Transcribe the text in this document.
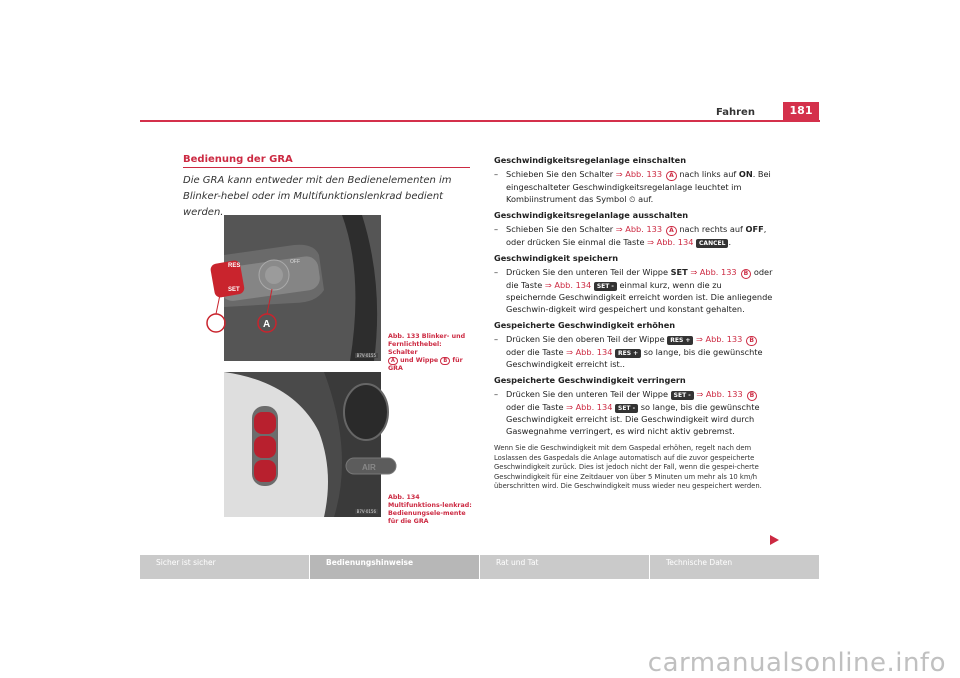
Fahren	181
Bedienung der GRA
Die GRA kann entweder mit den Bedienelementen im Blinker-hebel oder im Multifunktionslenkrad bedient werden.
RES
SET
OFF
B	A
B7V-0155
Abb. 133 Blinker- und Fernlichthebel: Schalter
A und Wippe B für GRA
AIR
B7V-0156
Abb. 134 Multifunktions-lenkrad: Bedienungsele-mente für die GRA
Geschwindigkeitsregelanlage einschalten
– Schieben Sie den Schalter ⇒ Abb. 133 A nach links auf ON. Bei eingeschalteter Geschwindigkeitsregelanlage leuchtet im Kombiinstrument das Symbol ⏲ auf.
Geschwindigkeitsregelanlage ausschalten
– Schieben Sie den Schalter ⇒ Abb. 133 A nach rechts auf OFF, oder drücken Sie einmal die Taste ⇒ Abb. 134 CANCEL .
Geschwindigkeit speichern
– Drücken Sie den unteren Teil der Wippe SET ⇒ Abb. 133 B oder die Taste ⇒ Abb. 134 SET - einmal kurz, wenn die zu speichernde Geschwindigkeit erreicht worden ist. Die anliegende Geschwin-digkeit wird gespeichert und konstant gehalten.
Gespeicherte Geschwindigkeit erhöhen
– Drücken Sie den oberen Teil der Wippe RES + ⇒ Abb. 133 B oder die Taste ⇒ Abb. 134 RES + so lange, bis die gewünschte Geschwindigkeit erreicht ist..
Gespeicherte Geschwindigkeit verringern
– Drücken Sie den unteren Teil der Wippe SET - ⇒ Abb. 133 B oder die Taste ⇒ Abb. 134 SET - so lange, bis die gewünschte Geschwindigkeit erreicht ist. Die Geschwindigkeit wird durch Gaswegnahme verringert, es wird nicht aktiv gebremst.
Wenn Sie die Geschwindigkeit mit dem Gaspedal erhöhen, regelt nach dem Loslassen des Gaspedals die Anlage automatisch auf die zuvor gespeicherte Geschwindigkeit zurück. Dies ist jedoch nicht der Fall, wenn die gespei-cherte Geschwindigkeit für eine Zeitdauer von über 5 Minuten um mehr als 10 km/h überschritten wird. Die Geschwindigkeit muss wieder neu gespeichert werden.
Sicher ist sicher	Bedienungshinweise	Rat und Tat	Technische Daten
carmanualsonline.info
